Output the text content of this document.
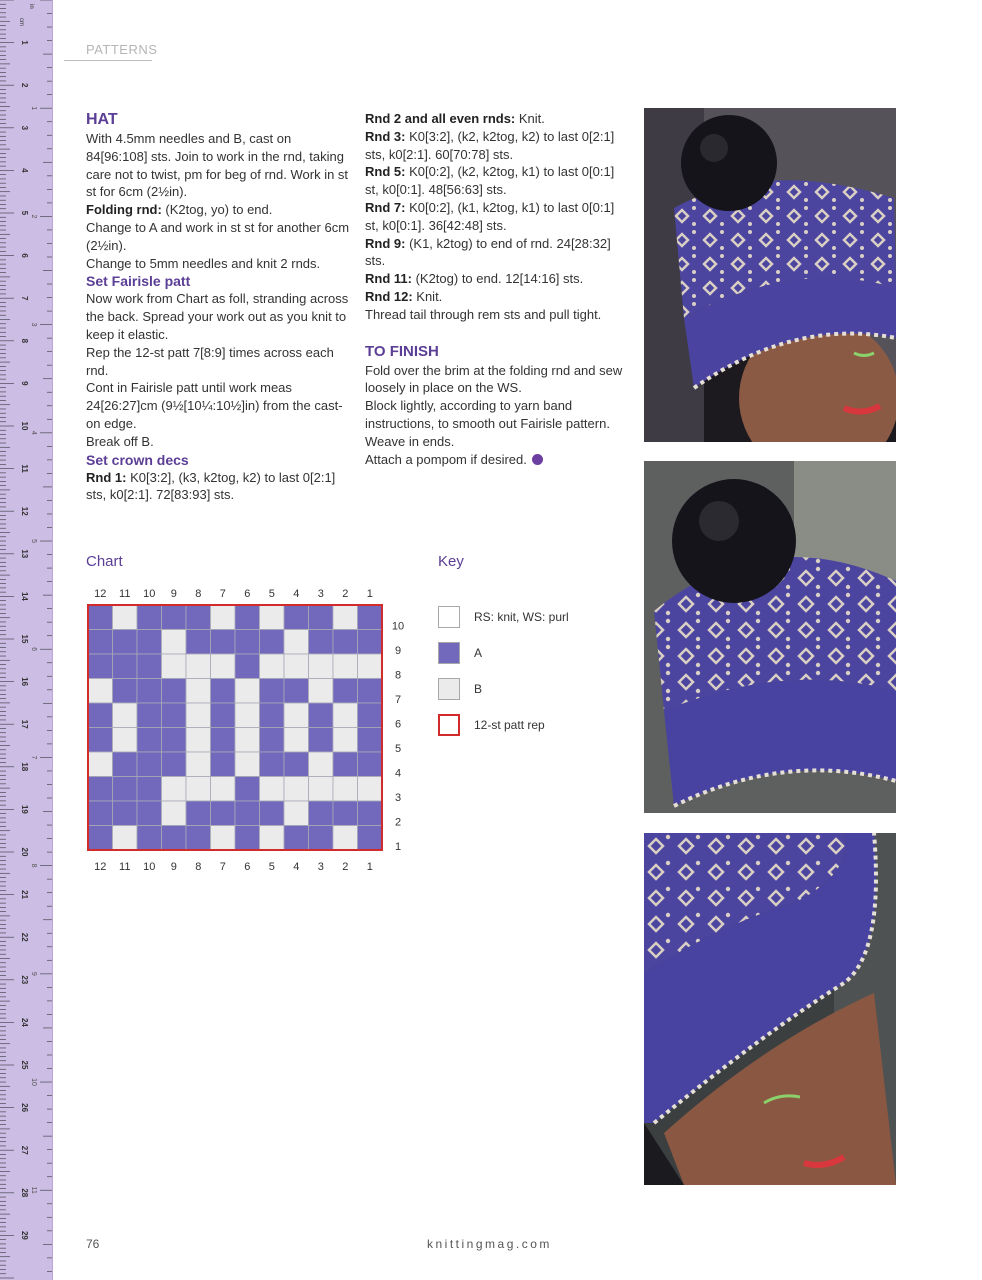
1
2
3
4
5
6
7
8
9
10
11
12
13
14
15
16
17
18
19
20
21
22
23
24
25
26
27
28
29
1
2
3
4
5
6
7
8
9
10
11
cm
in
PATTERNS

HAT

With 4.5mm needles and B, cast on 84[96:108] sts. Join to work in the rnd, taking care not to twist, pm for beg of rnd. Work in st st for 6cm (2½in).

Folding rnd: (K2tog, yo) to end.

Change to A and work in st st for another 6cm (2½in).

Change to 5mm needles and knit 2 rnds.

Set Fairisle patt

Now work from Chart as foll, stranding across the back. Spread your work out as you knit to keep it elastic.

Rep the 12-st patt 7[8:9] times across each rnd.

Cont in Fairisle patt until work meas 24[26:27]cm (9½[10¼:10½]in) from the cast-on edge.

Break off B.

Set crown decs

Rnd 1: K0[3:2], (k3, k2tog, k2) to last 0[2:1] sts, k0[2:1]. 72[83:93] sts.

Rnd 2 and all even rnds: Knit.

Rnd 3: K0[3:2], (k2, k2tog, k2) to last 0[2:1] sts, k0[2:1]. 60[70:78] sts.

Rnd 5: K0[0:2], (k2, k2tog, k1) to last 0[0:1] st, k0[0:1]. 48[56:63] sts.

Rnd 7: K0[0:2], (k1, k2tog, k1) to last 0[0:1] st, k0[0:1]. 36[42:48] sts.

Rnd 9: (K1, k2tog) to end of rnd. 24[28:32] sts.

Rnd 11: (K2tog) to end. 12[14:16] sts.

Rnd 12: Knit.

Thread tail through rem sts and pull tight.

TO FINISH

Fold over the brim at the folding rnd and sew loosely in place on the WS.

Block lightly, according to yarn band instructions, to smooth out Fairisle pattern. Weave in ends.

Attach a pompom if desired.

Chart
12
12
11
11
10
10
9
9
8
8
7
7
6
6
5
5
4
4
3
3
2
2
1
1
10
9
8
7
6
5
4
3
2
1
Key
RS: knit, WS: purl
A
B
12-st patt rep
76	knittingmag.com
